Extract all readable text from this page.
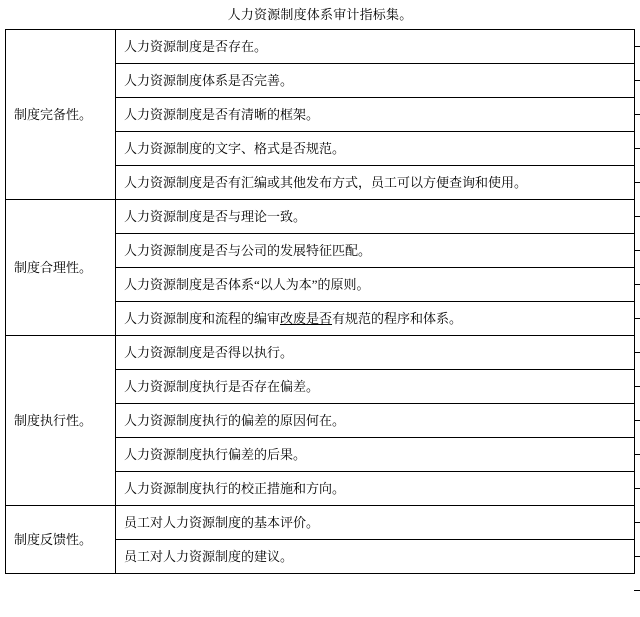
人力资源制度体系审计指标集。
制度完备性。	人力资源制度是否存在。
	人力资源制度体系是否完善。
	人力资源制度是否有清晰的框架。
	人力资源制度的文字、格式是否规范。
	人力资源制度是否有汇编或其他发布方式，员工可以方便查询和使用。
制度合理性。	人力资源制度是否与理论一致。
	人力资源制度是否与公司的发展特征匹配。
	人力资源制度是否体系“以人为本”的原则。
	人力资源制度和流程的编审改废是否有规范的程序和体系。
制度执行性。	人力资源制度是否得以执行。
	人力资源制度执行是否存在偏差。
	人力资源制度执行的偏差的原因何在。
	人力资源制度执行偏差的后果。
	人力资源制度执行的校正措施和方向。
制度反馈性。	员工对人力资源制度的基本评价。
	员工对人力资源制度的建议。
